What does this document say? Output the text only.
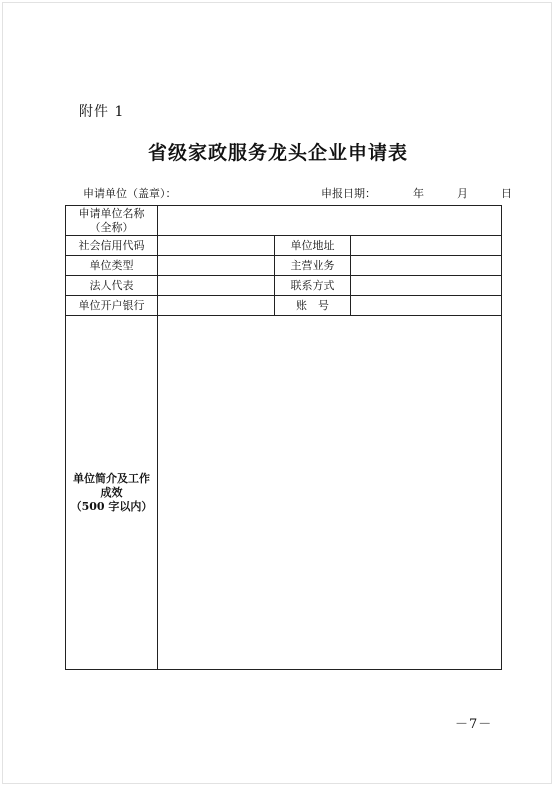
附件 1
省级家政服务龙头企业申请表
申请单位（盖章）：	申报日期：	年	月	日
申请单位名称
（全称）			

社会信用代码		单位地址	
单位类型		主营业务	
法人代表		联系方式	
单位开户银行		账　号	

单位简介及工作
成效
（500 字以内）			

－7－
